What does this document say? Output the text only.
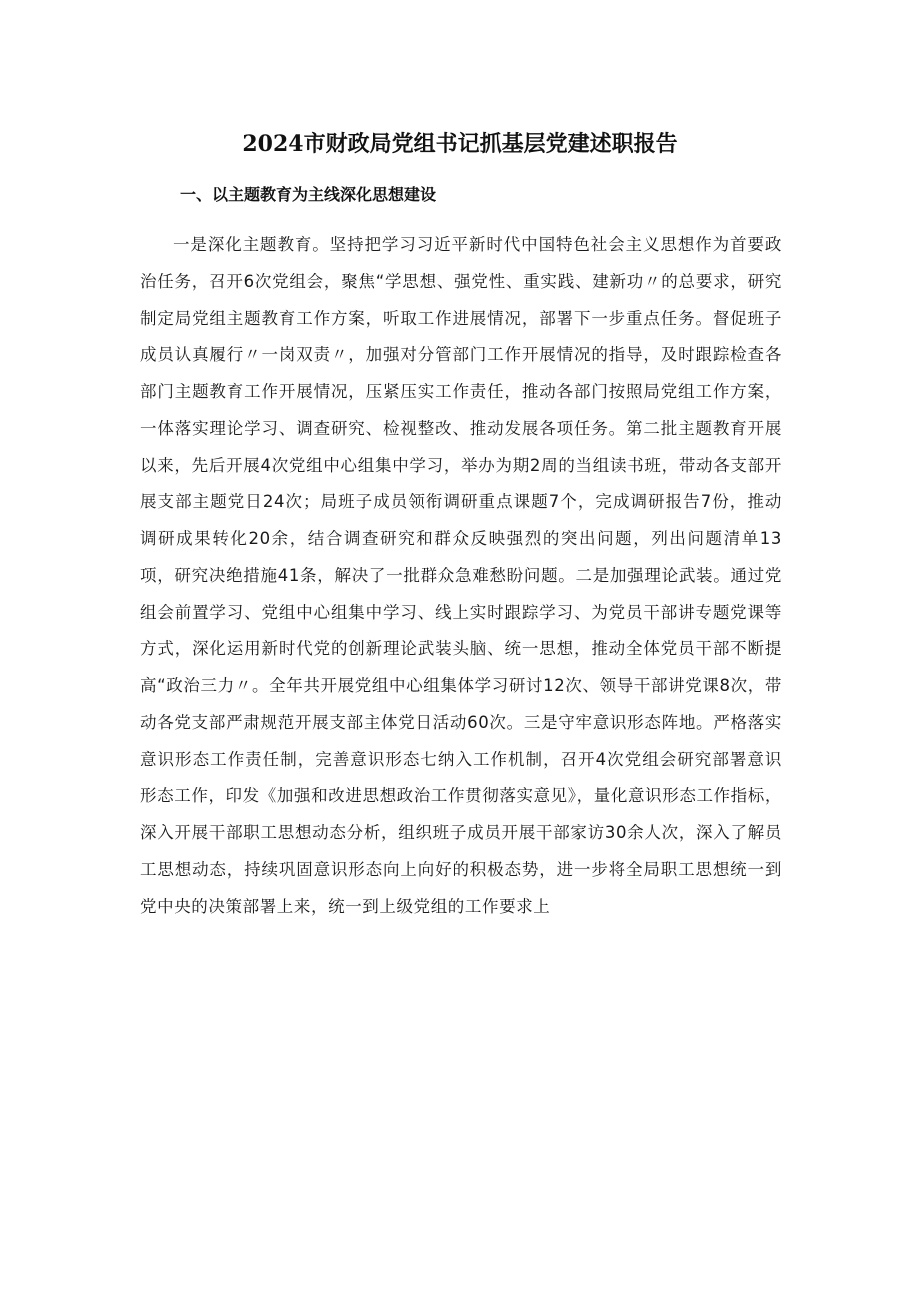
2024市财政局党组书记抓基层党建述职报告
一、以主题教育为主线深化思想建设

一是深化主题教育。坚持把学习习近平新时代中国特色社会主义思想作为首要政治任务，召开6次党组会，聚焦“学思想、强党性、重实践、建新功〃的总要求，研究制定局党组主题教育工作方案，听取工作进展情况，部署下一步重点任务。督促班子成员认真履行〃一岗双责〃，加强对分管部门工作开展情况的指导，及时跟踪检查各部门主题教育工作开展情况，压紧压实工作责任，推动各部门按照局党组工作方案，一体落实理论学习、调查研究、检视整改、推动发展各项任务。第二批主题教育开展以来，先后开展4次党组中心组集中学习，举办为期2周的当组读书班，带动各支部开展支部主题党日24次；局班子成员领衔调研重点课题7个，完成调研报告7份，推动调研成果转化20余，结合调查研究和群众反映强烈的突出问题，列出问题清单13项，研究决绝措施41条，解决了一批群众急难愁盼问题。二是加强理论武装。通过党组会前置学习、党组中心组集中学习、线上实时跟踪学习、为党员干部讲专题党课等方式，深化运用新时代党的创新理论武装头脑、统一思想，推动全体党员干部不断提高“政治三力〃。全年共开展党组中心组集体学习研讨12次、领导干部讲党课8次，带动各党支部严肃规范开展支部主体党日活动60次。三是守牢意识形态阵地。严格落实意识形态工作责任制，完善意识形态七纳入工作机制，召开4次党组会研究部署意识形态工作，印发《加强和改进思想政治工作贯彻落实意见》，量化意识形态工作指标，深入开展干部职工思想动态分析，组织班子成员开展干部家访30余人次，深入了解员工思想动态，持续巩固意识形态向上向好的积极态势，进一步将全局职工思想统一到党中央的决策部署上来，统一到上级党组的工作要求上
